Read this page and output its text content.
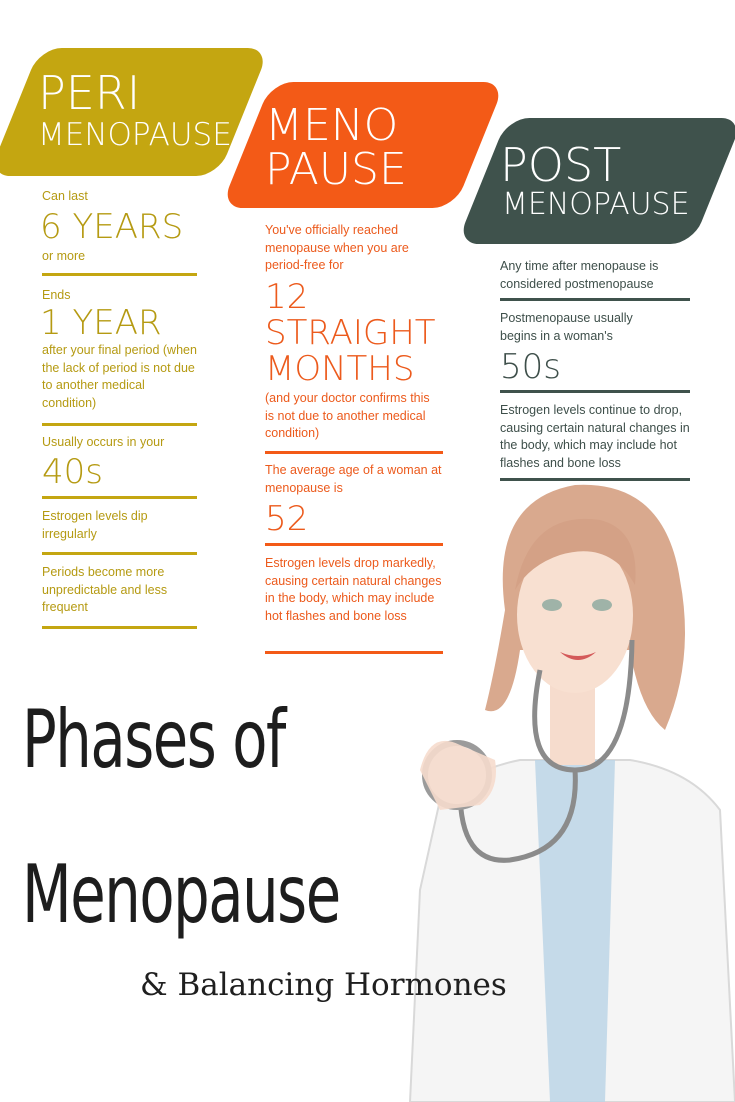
PERI
MENOPAUSE MENO
PAUSE POST
MENOPAUSE
Can last
6 YEARS
or more
Ends
1 YEAR
after your final period (when the lack of period is not due to another medical condition)
Usually occurs in your
40s
Estrogen levels dip irregularly
Periods become more unpredictable and less frequent
You've officially reached menopause when you are period-free for
12
STRAIGHT
MONTHS
(and your doctor confirms this is not due to another medical condition)
The average age of a woman at menopause is
52
Estrogen levels drop markedly, causing certain natural changes in the body, which may include hot flashes and bone loss
Any time after menopause is considered postmenopause
Postmenopause usually begins in a woman's
50s
Estrogen levels continue to drop, causing certain natural changes in the body, which may include hot flashes and bone loss
Phases of
Menopause
& Balancing Hormones
